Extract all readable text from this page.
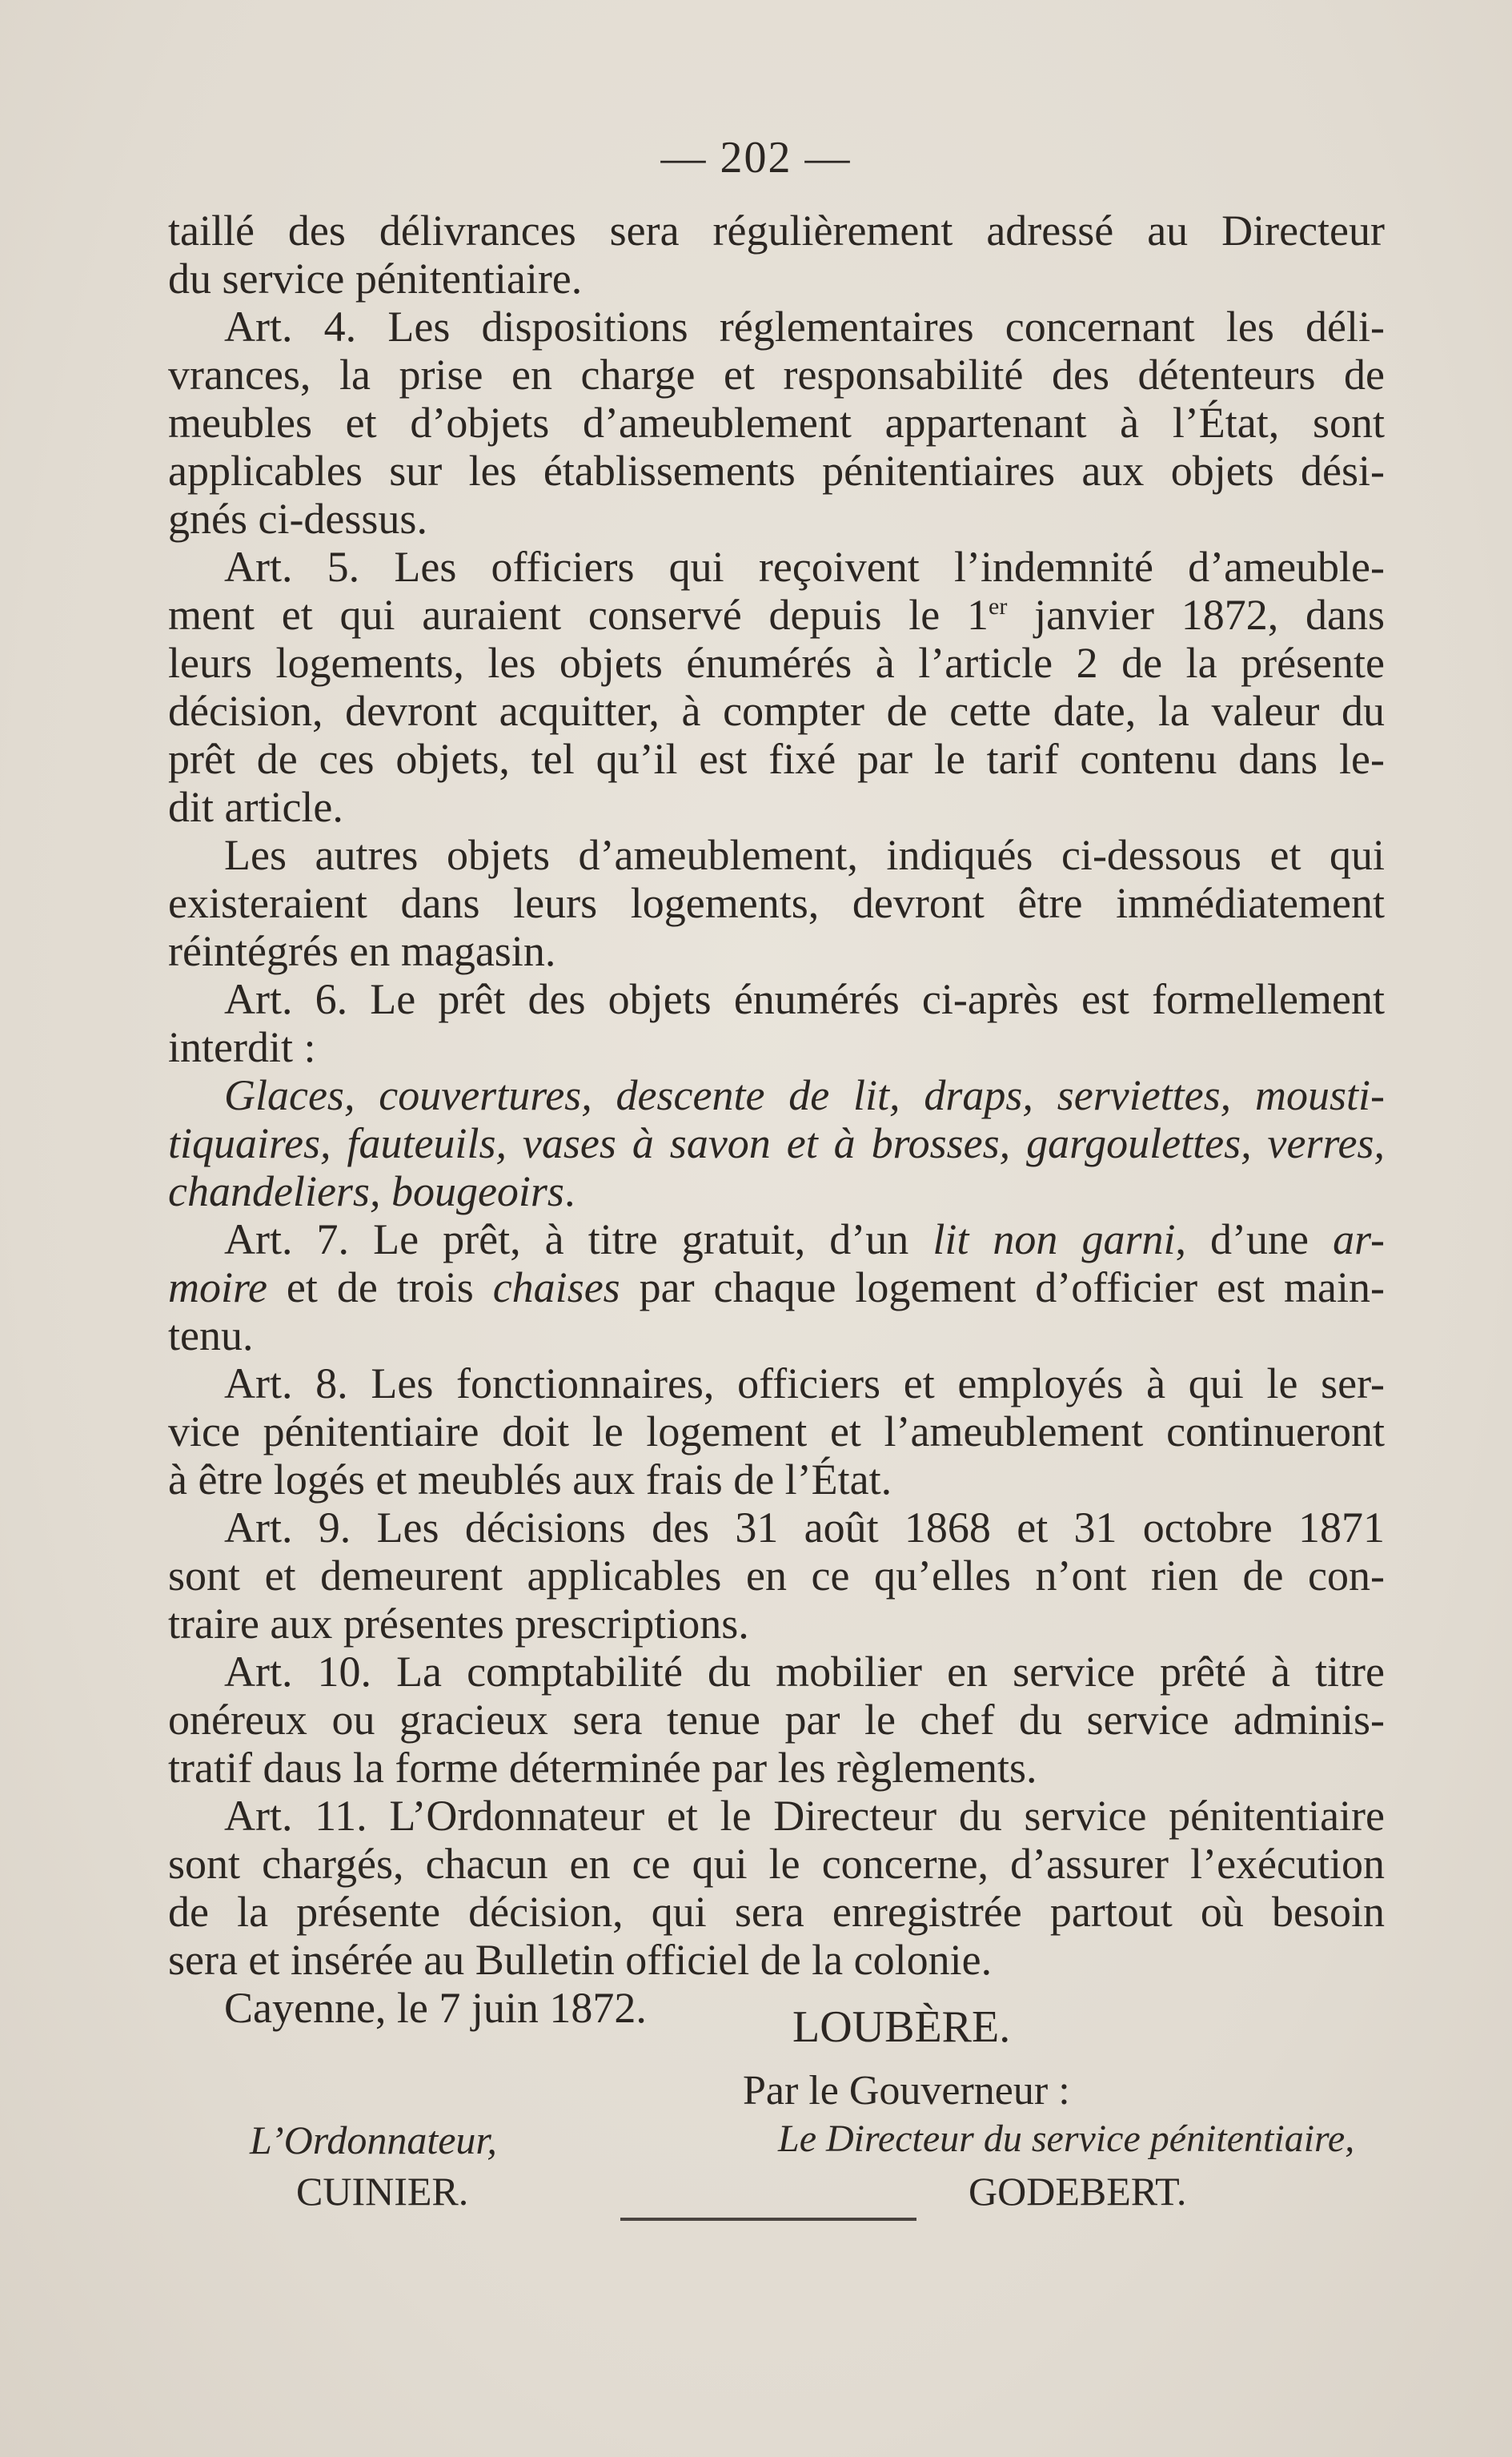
— 202 —
taillé des délivrances sera régulièrement adressé au Directeur
du service pénitentiaire.
Art. 4. Les dispositions réglementaires concernant les déli-
vrances, la prise en charge et responsabilité des détenteurs de
meubles et d’objets d’ameublement appartenant à l’État, sont
applicables sur les établissements pénitentiaires aux objets dési-
gnés ci-dessus.
Art. 5. Les officiers qui reçoivent l’indemnité d’ameuble-
ment et qui auraient conservé depuis le 1er janvier 1872, dans
leurs logements, les objets énumérés à l’article 2 de la présente
décision, devront acquitter, à compter de cette date, la valeur du
prêt de ces objets, tel qu’il est fixé par le tarif contenu dans le-
dit article.
Les autres objets d’ameublement, indiqués ci-dessous et qui
existeraient dans leurs logements, devront être immédiatement
réintégrés en magasin.
Art. 6. Le prêt des objets énumérés ci-après est formellement
interdit :
Glaces, couvertures, descente de lit, draps, serviettes, mousti-
tiquaires, fauteuils, vases à savon et à brosses, gargoulettes, verres,
chandeliers, bougeoirs.
Art. 7. Le prêt, à titre gratuit, d’un lit non garni, d’une ar-
moire et de trois chaises par chaque logement d’officier est main-
tenu.
Art. 8. Les fonctionnaires, officiers et employés à qui le ser-
vice pénitentiaire doit le logement et l’ameublement continueront
à être logés et meublés aux frais de l’État.
Art. 9. Les décisions des 31 août 1868 et 31 octobre 1871
sont et demeurent applicables en ce qu’elles n’ont rien de con-
traire aux présentes prescriptions.
Art. 10. La comptabilité du mobilier en service prêté à titre
onéreux ou gracieux sera tenue par le chef du service adminis-
tratif daus la forme déterminée par les règlements.
Art. 11. L’Ordonnateur et le Directeur du service pénitentiaire
sont chargés, chacun en ce qui le concerne, d’assurer l’exécution
de la présente décision, qui sera enregistrée partout où besoin
sera et insérée au Bulletin officiel de la colonie.
Cayenne, le 7 juin 1872.	LOUBÈRE.
Par le Gouverneur :
L’Ordonnateur,	Le Directeur du service pénitentiaire,
CUINIER.	GODEBERT.
